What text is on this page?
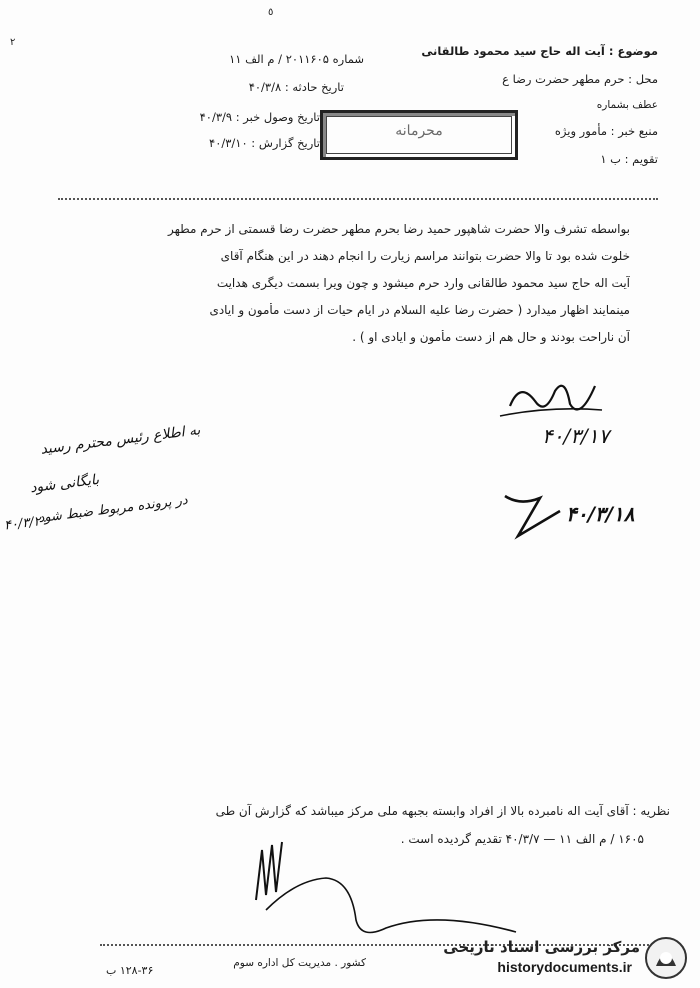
٥
٢
موضوع : آیت اله حاج سید محمود طالقانی
محل : حرم مطهر حضرت رضا ع
عطف بشماره
منبع خبر : مأمور ویژه
تقویم : ب ۱
شماره ۲۰۱۱۶۰۵ / م الف ۱۱
تاریخ حادثه : ۴۰/۳/۸
تاریخ وصول خبر : ۴۰/۳/۹
تاریخ گزارش : ۴۰/۳/۱۰
محرمانه
بواسطه تشرف والا حضرت شاهپور حمید رضا بحرم مطهر حضرت رضا قسمتی از حرم مطهر
خلوت شده بود تا والا حضرت بتوانند مراسم زیارت را انجام دهند در این هنگام آقای
آیت اله حاج سید محمود طالقانی وارد حرم میشود و چون ویرا بسمت دیگری هدایت
مینمایند اظهار میدارد ( حضرت رضا علیه السلام در ایام حیات از دست مأمون و ایادی
آن ناراحت بودند و حال هم از دست مأمون و ایادی او ) .
۴۰/۳/۱۷
۴۰/۳/۱۸
به اطلاع رئیس محترم رسید
بایگانی شود
در پرونده مربوط ضبط شود
۴۰/۳/۲۰
نظریه : آقای آیت اله نامبرده بالا از افراد وابسته بجبهه ملی مرکز میباشد که گزارش آن طی
۱۶۰۵ / م الف ۱۱ — ۴۰/۳/۷ تقدیم گردیده است .
کشور . مدیریت کل اداره سوم
۱۲۸-۳۶ ب
مرکز بررسی اسناد تاریخی
historydocuments.ir
